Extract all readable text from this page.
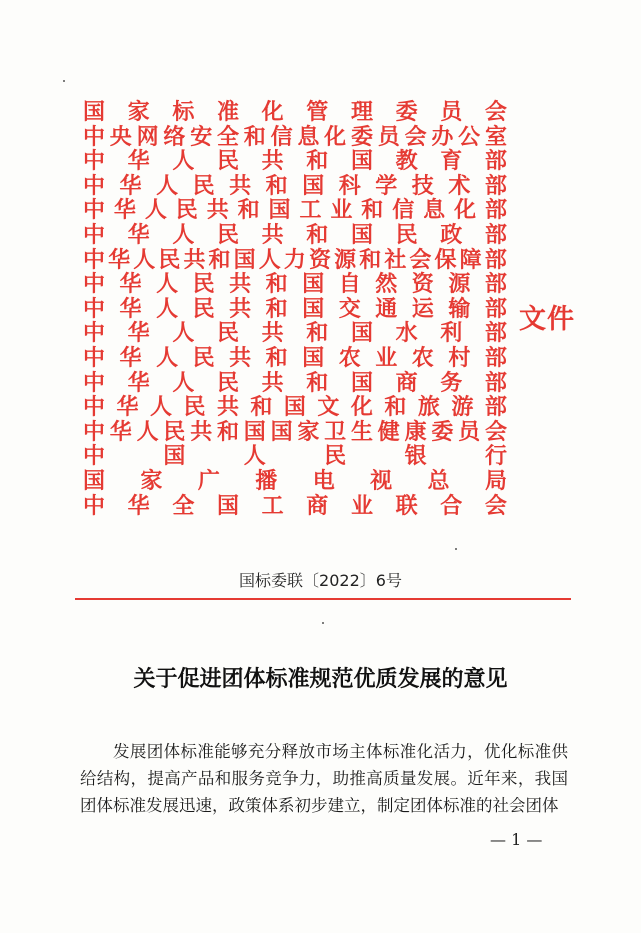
国 家 标 准 化 管 理 委 员 会
中 央 网 络 安 全 和 信 息 化 委 员 会 办 公 室
中 华 人 民 共 和 国 教 育 部
中 华 人 民 共 和 国 科 学 技 术 部
中 华 人 民 共 和 国 工 业 和 信 息 化 部
中 华 人 民 共 和 国 民 政 部
中 华 人 民 共 和 国 人 力 资 源 和 社 会 保 障 部
中 华 人 民 共 和 国 自 然 资 源 部
中 华 人 民 共 和 国 交 通 运 输 部
中 华 人 民 共 和 国 水 利 部
中 华 人 民 共 和 国 农 业 农 村 部
中 华 人 民 共 和 国 商 务 部
中 华 人 民 共 和 国 文 化 和 旅 游 部
中 华 人 民 共 和 国 国 家 卫 生 健 康 委 员 会
中	国	人	民	银	行
国 家 广 播 电 视 总 局
中 华 全 国 工 商 业 联 合 会
文件
国标委联〔2022〕6号
关于促进团体标准规范优质发展的意见
发展团体标准能够充分释放市场主体标准化活力，优化标准供给结构，提高产品和服务竞争力，助推高质量发展。近年来，我国团体标准发展迅速，政策体系初步建立，制定团体标准的社会团体
— 1 —
